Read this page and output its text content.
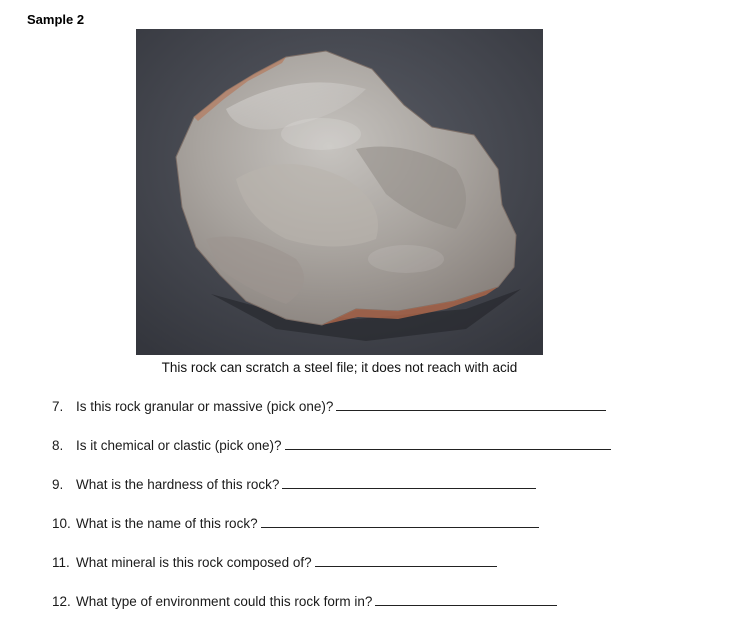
Sample 2
This rock can scratch a steel file; it does not reach with acid
7. Is this rock granular or massive (pick one)?
8. Is it chemical or clastic (pick one)?
9. What is the hardness of this rock?
10. What is the name of this rock?
11. What mineral is this rock composed of?
12. What type of environment could this rock form in?
